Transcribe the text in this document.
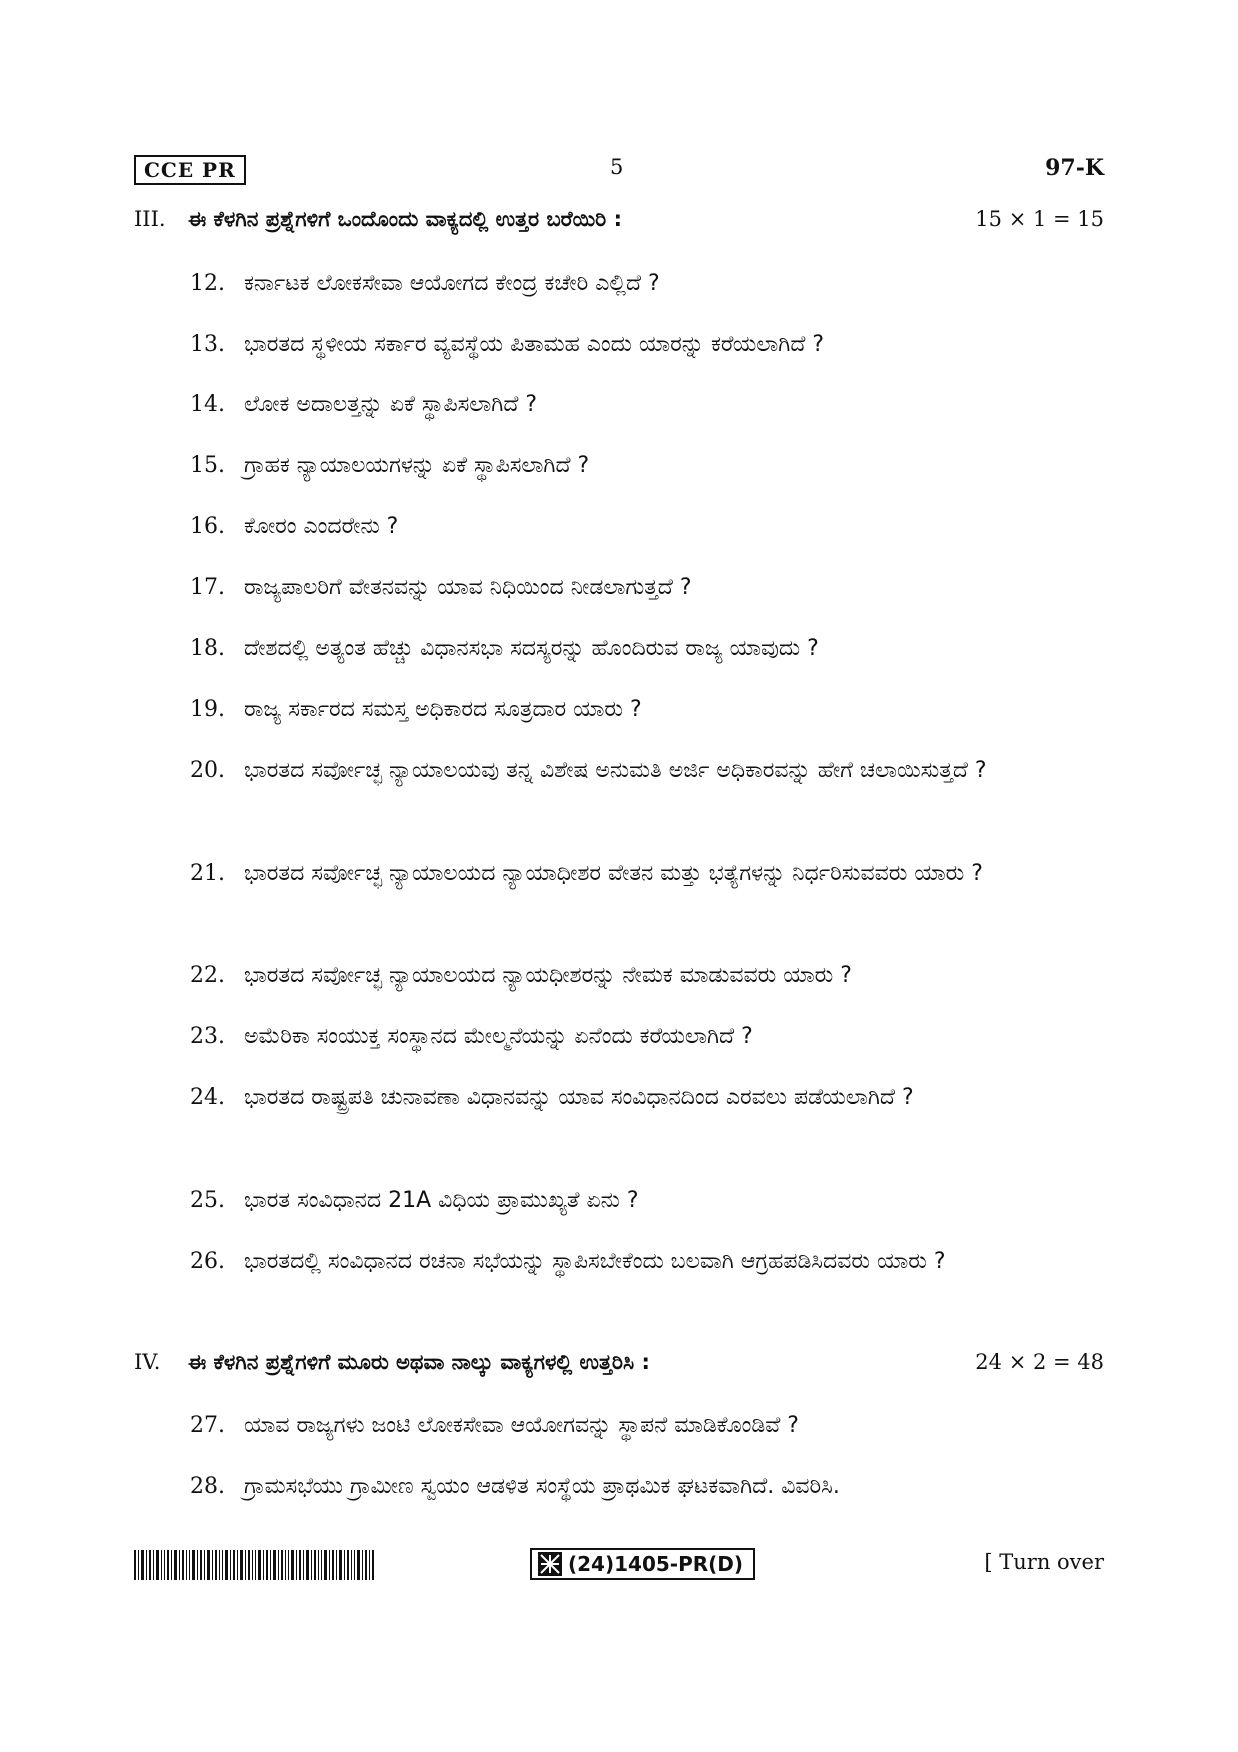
CCE PR	5	97-K
III. ಈ ಕೆಳಗಿನ ಪ್ರಶ್ನೆಗಳಿಗೆ ಒಂದೊಂದು ವಾಕ್ಯದಲ್ಲಿ ಉತ್ತರ ಬರೆಯಿರಿ :	15 × 1 = 15
12. ಕರ್ನಾಟಕ ಲೋಕಸೇವಾ ಆಯೋಗದ ಕೇಂದ್ರ ಕಚೇರಿ ಎಲ್ಲಿದೆ ?
13. ಭಾರತದ ಸ್ಥಳೀಯ ಸರ್ಕಾರ ವ್ಯವಸ್ಥೆಯ ಪಿತಾಮಹ ಎಂದು ಯಾರನ್ನು ಕರೆಯಲಾಗಿದೆ ?
14. ಲೋಕ ಅದಾಲತ್ತನ್ನು ಏಕೆ ಸ್ಥಾಪಿಸಲಾಗಿದೆ ?
15. ಗ್ರಾಹಕ ನ್ಯಾಯಾಲಯಗಳನ್ನು ಏಕೆ ಸ್ಥಾಪಿಸಲಾಗಿದೆ ?
16. ಕೋರಂ ಎಂದರೇನು ?
17. ರಾಜ್ಯಪಾಲರಿಗೆ ವೇತನವನ್ನು ಯಾವ ನಿಧಿಯಿಂದ ನೀಡಲಾಗುತ್ತದೆ ?
18. ದೇಶದಲ್ಲಿ ಅತ್ಯಂತ ಹೆಚ್ಚು ವಿಧಾನಸಭಾ ಸದಸ್ಯರನ್ನು ಹೊಂದಿರುವ ರಾಜ್ಯ ಯಾವುದು ?
19. ರಾಜ್ಯ ಸರ್ಕಾರದ ಸಮಸ್ತ ಅಧಿಕಾರದ ಸೂತ್ರದಾರ ಯಾರು ?
20. ಭಾರತದ ಸರ್ವೋಚ್ಛ ನ್ಯಾಯಾಲಯವು ತನ್ನ ವಿಶೇಷ ಅನುಮತಿ ಅರ್ಜಿ ಅಧಿಕಾರವನ್ನು ಹೇಗೆ ಚಲಾಯಿಸುತ್ತದೆ ?
21. ಭಾರತದ ಸರ್ವೋಚ್ಛ ನ್ಯಾಯಾಲಯದ ನ್ಯಾಯಾಧೀಶರ ವೇತನ ಮತ್ತು ಭತ್ಯೆಗಳನ್ನು ನಿರ್ಧರಿಸುವವರು ಯಾರು ?
22. ಭಾರತದ ಸರ್ವೋಚ್ಛ ನ್ಯಾಯಾಲಯದ ನ್ಯಾಯಧೀಶರನ್ನು ನೇಮಕ ಮಾಡುವವರು ಯಾರು ?
23. ಅಮೆರಿಕಾ ಸಂಯುಕ್ತ ಸಂಸ್ಥಾನದ ಮೇಲ್ಮನೆಯನ್ನು ಏನೆಂದು ಕರೆಯಲಾಗಿದೆ ?
24. ಭಾರತದ ರಾಷ್ಟ್ರಪತಿ ಚುನಾವಣಾ ವಿಧಾನವನ್ನು ಯಾವ ಸಂವಿಧಾನದಿಂದ ಎರವಲು ಪಡೆಯಲಾಗಿದೆ ?
25. ಭಾರತ ಸಂವಿಧಾನದ 21A ವಿಧಿಯ ಪ್ರಾಮುಖ್ಯತೆ ಏನು ?
26. ಭಾರತದಲ್ಲಿ ಸಂವಿಧಾನದ ರಚನಾ ಸಭೆಯನ್ನು ಸ್ಥಾಪಿಸಬೇಕೆಂದು ಬಲವಾಗಿ ಆಗ್ರಹಪಡಿಸಿದವರು ಯಾರು ?
IV. ಈ ಕೆಳಗಿನ ಪ್ರಶ್ನೆಗಳಿಗೆ ಮೂರು ಅಥವಾ ನಾಲ್ಕು ವಾಕ್ಯಗಳಲ್ಲಿ ಉತ್ತರಿಸಿ :	24 × 2 = 48
27. ಯಾವ ರಾಜ್ಯಗಳು ಜಂಟಿ ಲೋಕಸೇವಾ ಆಯೋಗವನ್ನು ಸ್ಥಾಪನೆ ಮಾಡಿಕೊಂಡಿವೆ ?
28. ಗ್ರಾಮಸಭೆಯು ಗ್ರಾಮೀಣ ಸ್ವಯಂ ಆಡಳಿತ ಸಂಸ್ಥೆಯ ಪ್ರಾಥಮಿಕ ಘಟಕವಾಗಿದೆ. ವಿವರಿಸಿ.
(24)1405-PR(D)	[ Turn over
